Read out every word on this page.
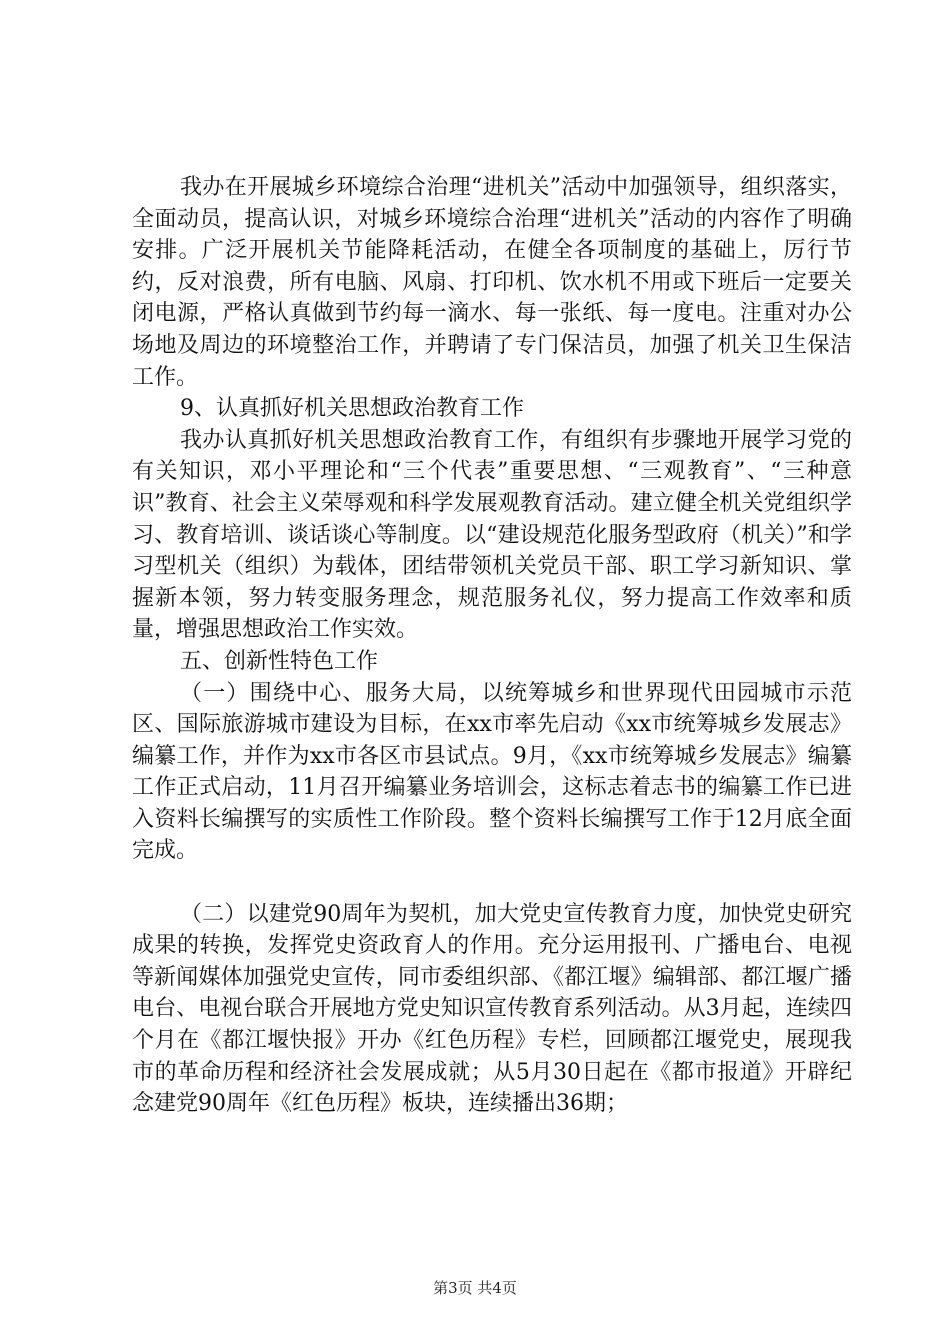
我办在开展城乡环境综合治理“进机关”活动中加强领导，组织落实，全面动员，提高认识，对城乡环境综合治理“进机关”活动的内容作了明确安排。广泛开展机关节能降耗活动，在健全各项制度的基础上，厉行节约，反对浪费，所有电脑、风扇、打印机、饮水机不用或下班后一定要关闭电源，严格认真做到节约每一滴水、每一张纸、每一度电。注重对办公场地及周边的环境整治工作，并聘请了专门保洁员，加强了机关卫生保洁工作。

9、认真抓好机关思想政治教育工作

我办认真抓好机关思想政治教育工作，有组织有步骤地开展学习党的有关知识，邓小平理论和“三个代表”重要思想、“三观教育”、“三种意识”教育、社会主义荣辱观和科学发展观教育活动。建立健全机关党组织学习、教育培训、谈话谈心等制度。以“建设规范化服务型政府（机关）”和学习型机关（组织）为载体，团结带领机关党员干部、职工学习新知识、掌握新本领，努力转变服务理念，规范服务礼仪，努力提高工作效率和质量，增强思想政治工作实效。

五、创新性特色工作

（一）围绕中心、服务大局，以统筹城乡和世界现代田园城市示范区、国际旅游城市建设为目标，在xx市率先启动《xx市统筹城乡发展志》编纂工作，并作为xx市各区市县试点。9月，《xx市统筹城乡发展志》编纂工作正式启动，11月召开编纂业务培训会，这标志着志书的编纂工作已进入资料长编撰写的实质性工作阶段。整个资料长编撰写工作于12月底全面完成。

（二）以建党90周年为契机，加大党史宣传教育力度，加快党史研究成果的转换，发挥党史资政育人的作用。充分运用报刊、广播电台、电视等新闻媒体加强党史宣传，同市委组织部、《都江堰》编辑部、都江堰广播电台、电视台联合开展地方党史知识宣传教育系列活动。从3月起，连续四个月在《都江堰快报》开办《红色历程》专栏，回顾都江堰党史，展现我市的革命历程和经济社会发展成就；从5月30日起在《都市报道》开辟纪念建党90周年《红色历程》板块，连续播出36期；

第3页 共4页
